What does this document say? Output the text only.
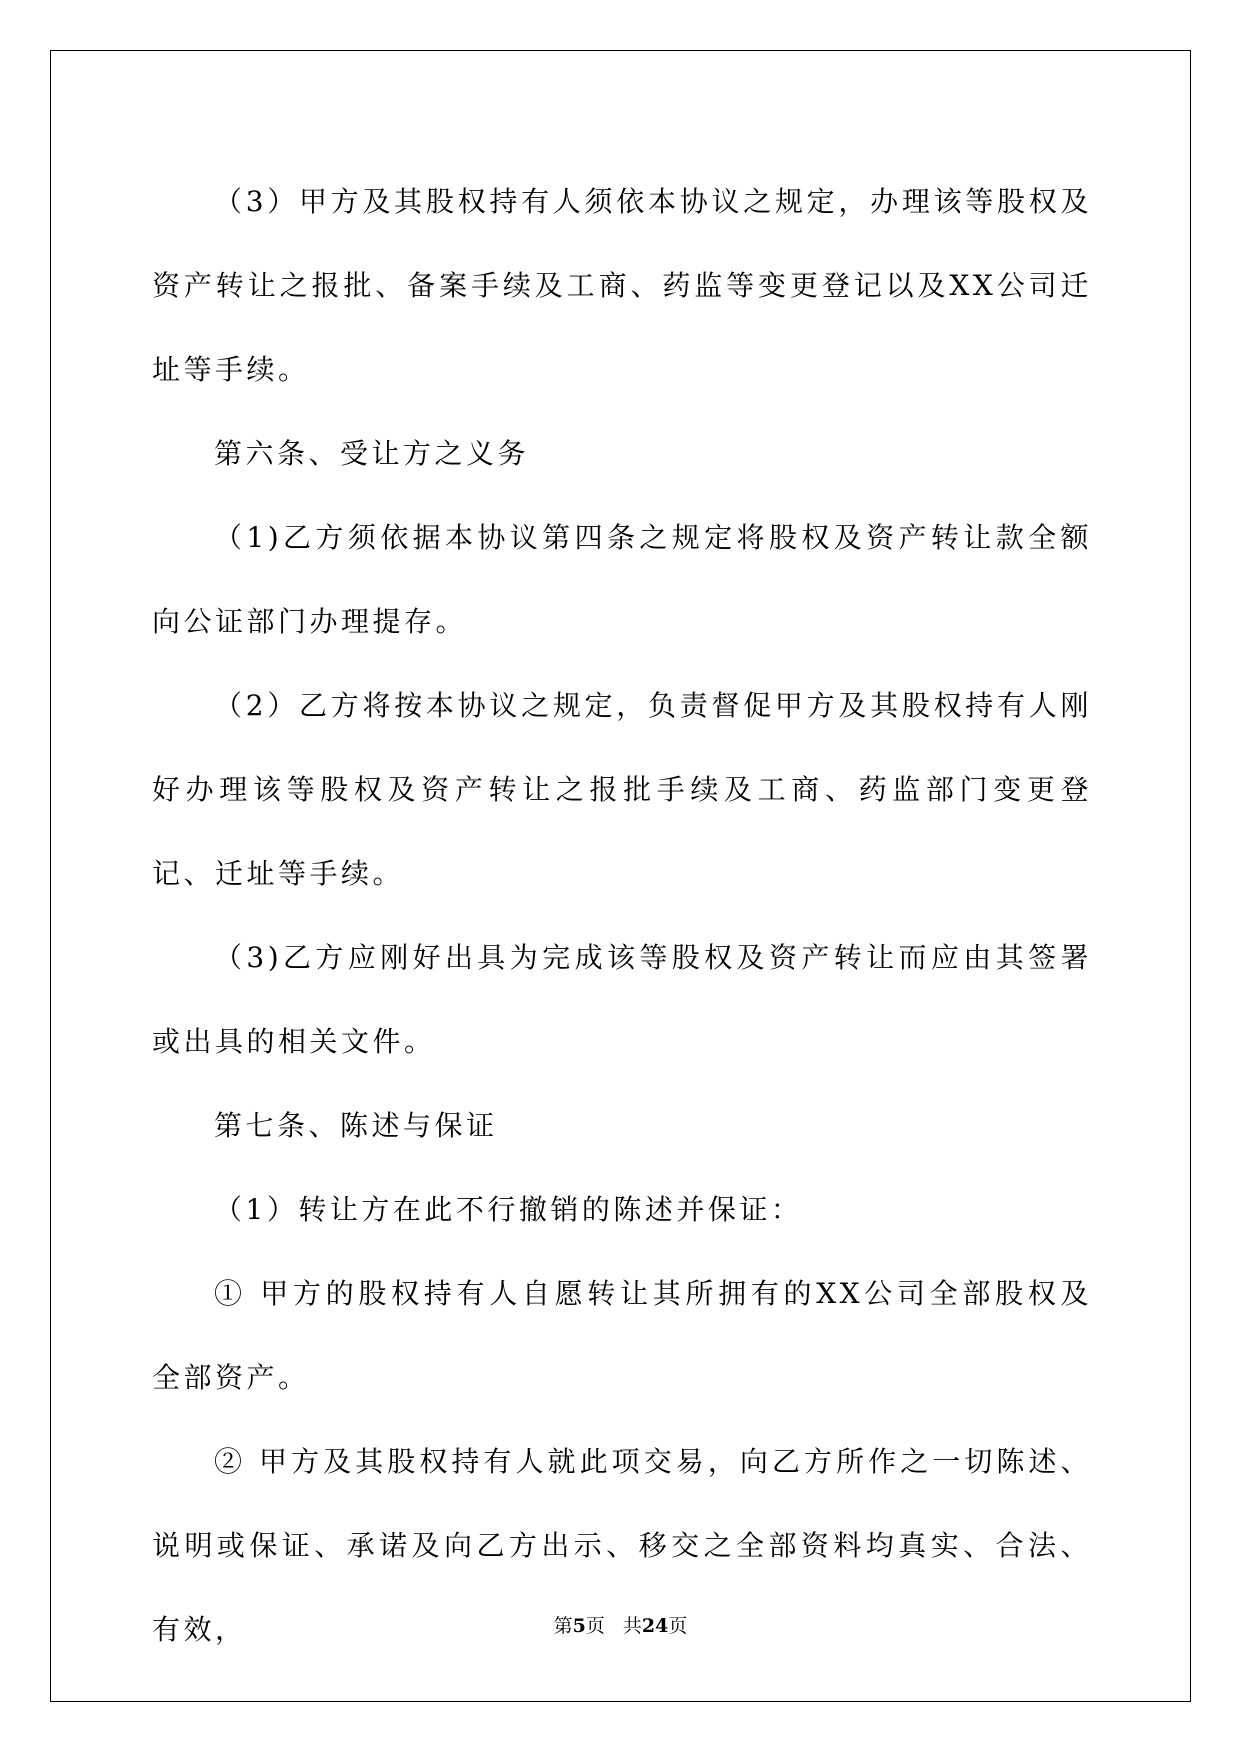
（3）甲方及其股权持有人须依本协议之规定，办理该等股权及资产转让之报批、备案手续及工商、药监等变更登记以及XX公司迁址等手续。

第六条、受让方之义务

（1)乙方须依据本协议第四条之规定将股权及资产转让款全额向公证部门办理提存。

（2）乙方将按本协议之规定，负责督促甲方及其股权持有人刚好办理该等股权及资产转让之报批手续及工商、药监部门变更登记、迁址等手续。

（3)乙方应刚好出具为完成该等股权及资产转让而应由其签署或出具的相关文件。

第七条、陈述与保证

（1）转让方在此不行撤销的陈述并保证：

① 甲方的股权持有人自愿转让其所拥有的XX公司全部股权及全部资产。

② 甲方及其股权持有人就此项交易，向乙方所作之一切陈述、说明或保证、承诺及向乙方出示、移交之全部资料均真实、合法、有效，	第5页 共24页
